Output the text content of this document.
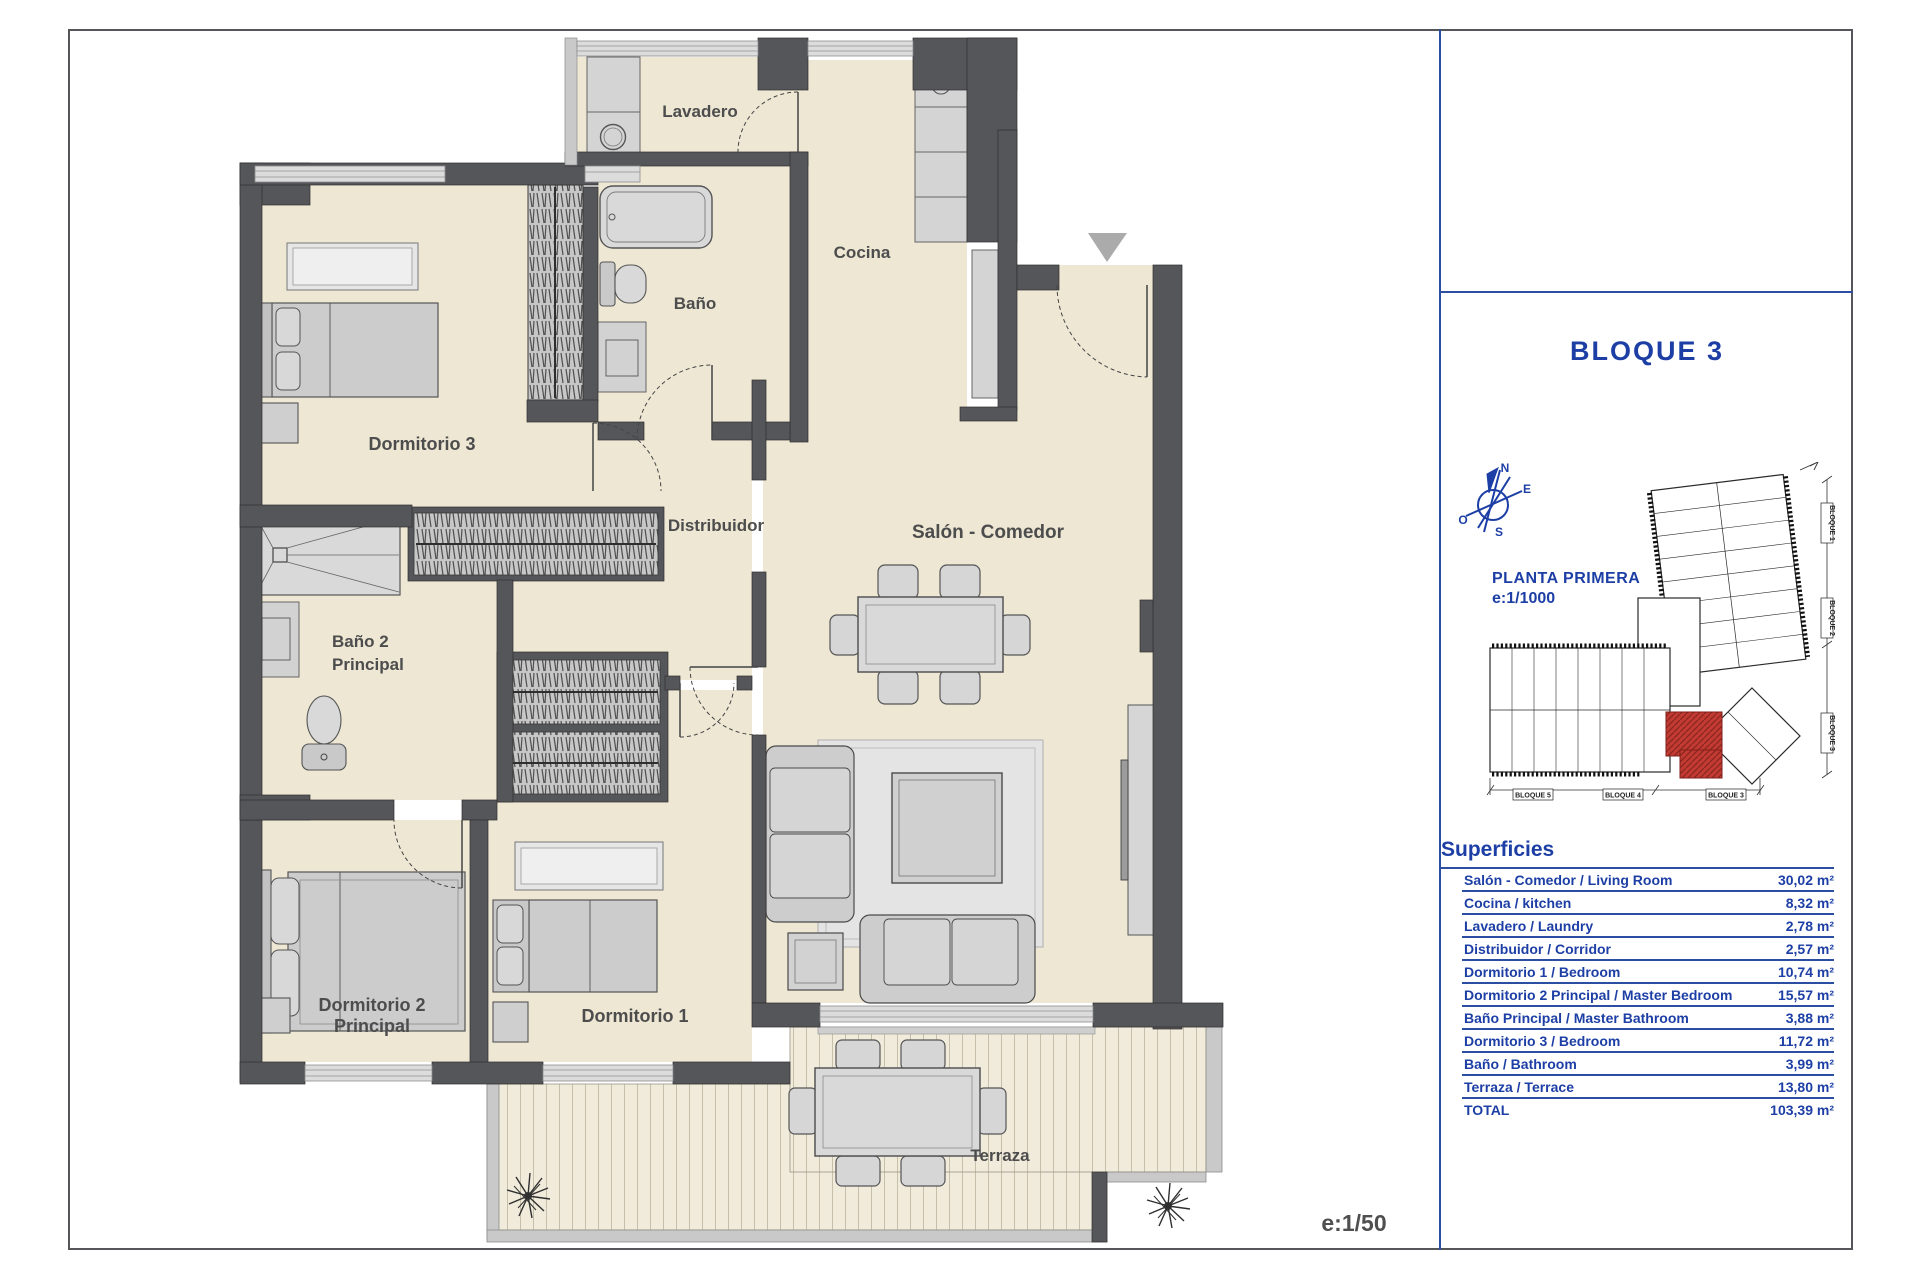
Lavadero
Cocina
Baño
Dormitorio 3
Distribuidor	Salón - Comedor
Baño 2
Principal
Dormitorio 2
Principal	Dormitorio 1
Terraza
BLOQUE 3
N
E
S
O
PLANTA PRIMERA
e:1/1000
BLOQUE 5	BLOQUE 4	BLOQUE 3
BLOQUE 1
BLOQUE 2
BLOQUE 3
Superficies
Salón - Comedor / Living Room	30,02 m²
Cocina / kitchen	8,32 m²
Lavadero / Laundry	2,78 m²
Distribuidor / Corridor	2,57 m²
Dormitorio 1 / Bedroom	10,74 m²
Dormitorio 2 Principal / Master Bedroom	15,57 m²
Baño Principal / Master Bathroom	3,88 m²
Dormitorio 3 / Bedroom	11,72 m²
Baño / Bathroom	3,99 m²
Terraza / Terrace	13,80 m²
TOTAL	103,39 m²
e:1/50
